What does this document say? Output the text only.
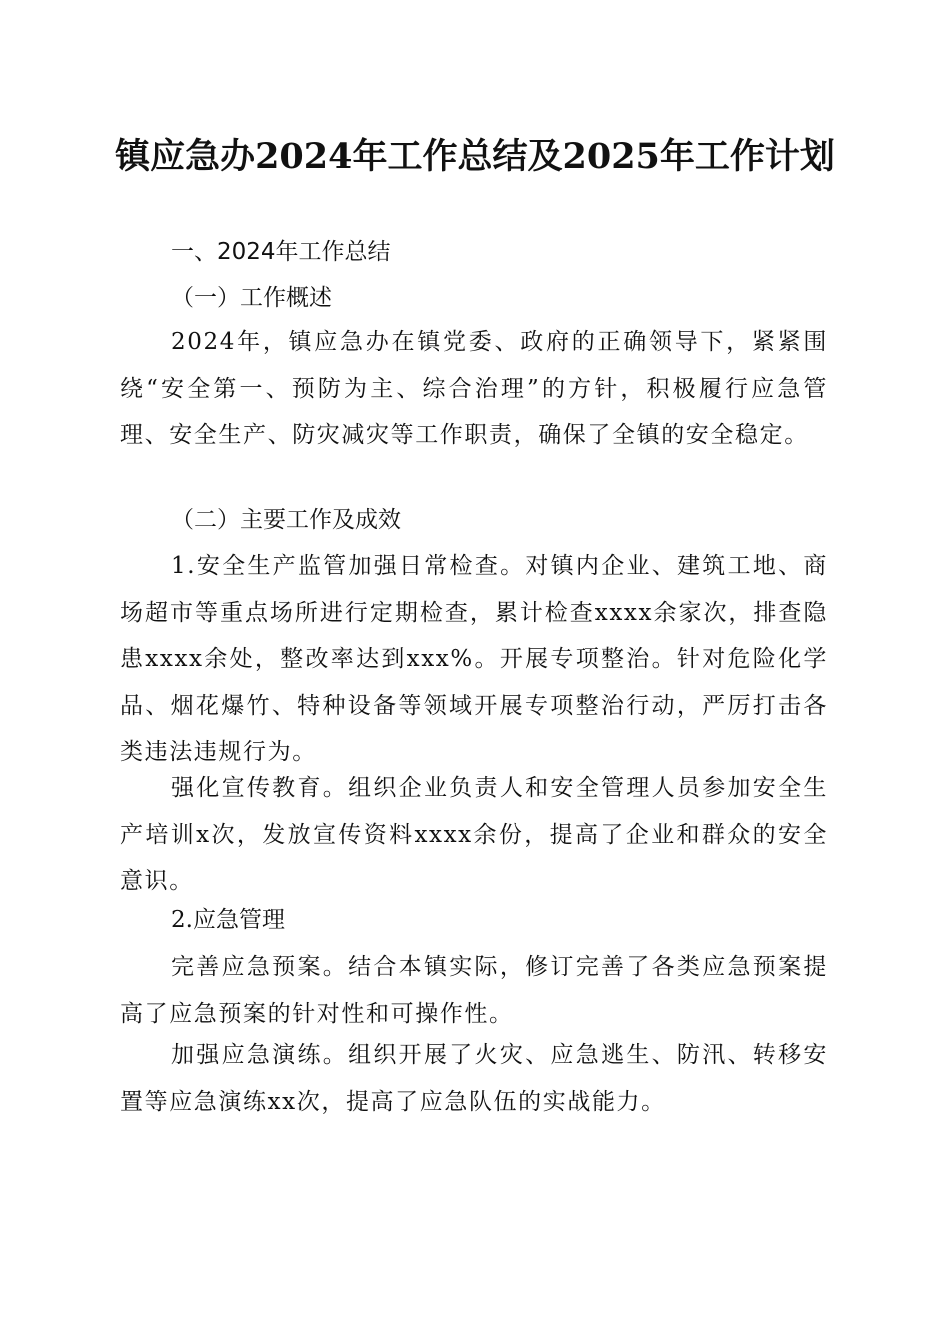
镇应急办2024年工作总结及2025年工作计划
一、2024年工作总结
（一）工作概述
2024年，镇应急办在镇党委、政府的正确领导下，紧紧围绕“安全第一、预防为主、综合治理”的方针，积极履行应急管理、安全生产、防灾减灾等工作职责，确保了全镇的安全稳定。
（二）主要工作及成效
1.安全生产监管加强日常检查。对镇内企业、建筑工地、商场超市等重点场所进行定期检查，累计检查xxxx余家次，排查隐患xxxx余处，整改率达到xxx%。开展专项整治。针对危险化学品、烟花爆竹、特种设备等领域开展专项整治行动，严厉打击各类违法违规行为。
强化宣传教育。组织企业负责人和安全管理人员参加安全生产培训x次，发放宣传资料xxxx余份，提高了企业和群众的安全意识。
2.应急管理
完善应急预案。结合本镇实际，修订完善了各类应急预案提高了应急预案的针对性和可操作性。
加强应急演练。组织开展了火灾、应急逃生、防汛、转移安置等应急演练xx次，提高了应急队伍的实战能力。
